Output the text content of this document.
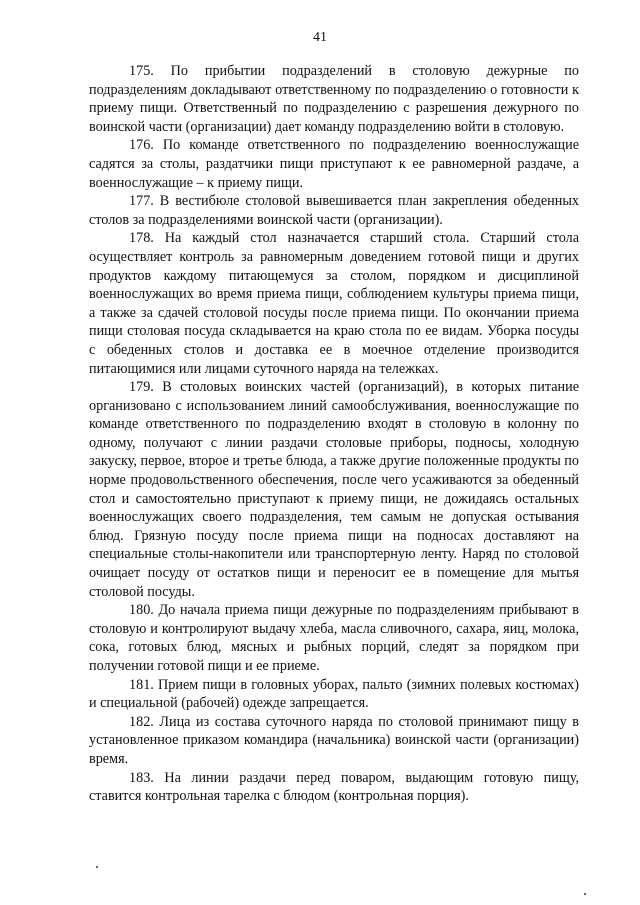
41

175. По прибытии подразделений в столовую дежурные по подразделениям докладывают ответственному по подразделению о готовности к приему пищи. Ответственный по подразделению с разрешения дежурного по воинской части (организации) дает команду подразделению войти в столовую.

176. По команде ответственного по подразделению военнослужащие садятся за столы, раздатчики пищи приступают к ее равномерной раздаче, а военнослужащие – к приему пищи.

177. В вестибюле столовой вывешивается план закрепления обеденных столов за подразделениями воинской части (организации).

178. На каждый стол назначается старший стола. Старший стола осуществляет контроль за равномерным доведением готовой пищи и других продуктов каждому питающемуся за столом, порядком и дисциплиной военнослужащих во время приема пищи, соблюдением культуры приема пищи, а также за сдачей столовой посуды после приема пищи. По окончании приема пищи столовая посуда складывается на краю стола по ее видам. Уборка посуды с обеденных столов и доставка ее в моечное отделение производится питающимися или лицами суточного наряда на тележках.

179. В столовых воинских частей (организаций), в которых питание организовано с использованием линий самообслуживания, военнослужащие по команде ответственного по подразделению входят в столовую в колонну по одному, получают с линии раздачи столовые приборы, подносы, холодную закуску, первое, второе и третье блюда, а также другие положенные продукты по норме продовольственного обеспечения, после чего усаживаются за обеденный стол и самостоятельно приступают к приему пищи, не дожидаясь остальных военнослужащих своего подразделения, тем самым не допуская остывания блюд. Грязную посуду после приема пищи на подносах доставляют на специальные столы-накопители или транспортерную ленту. Наряд по столовой очищает посуду от остатков пищи и переносит ее в помещение для мытья столовой посуды.

180. До начала приема пищи дежурные по подразделениям прибывают в столовую и контролируют выдачу хлеба, масла сливочного, сахара, яиц, молока, сока, готовых блюд, мясных и рыбных порций, следят за порядком при получении готовой пищи и ее приеме.

181. Прием пищи в головных уборах, пальто (зимних полевых костюмах) и специальной (рабочей) одежде запрещается.

182. Лица из состава суточного наряда по столовой принимают пищу в установленное приказом командира (начальника) воинской части (организации) время.

183. На линии раздачи перед поваром, выдающим готовую пищу, ставится контрольная тарелка с блюдом (контрольная порция).
